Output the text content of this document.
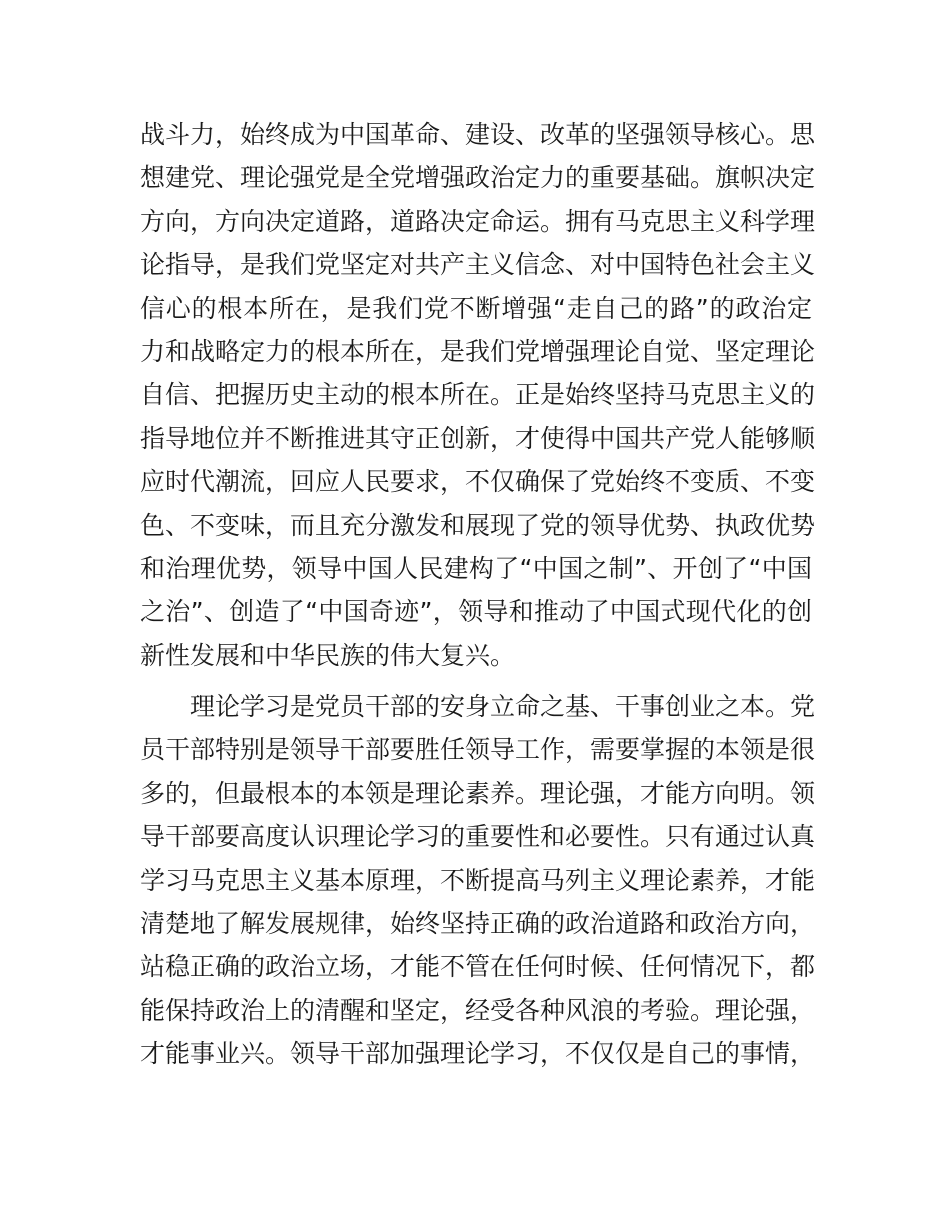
战斗力，始终成为中国革命、建设、改革的坚强领导核心。思
想建党、理论强党是全党增强政治定力的重要基础。旗帜决定
方向，方向决定道路，道路决定命运。拥有马克思主义科学理
论指导，是我们党坚定对共产主义信念、对中国特色社会主义
信心的根本所在，是我们党不断增强“走自己的路”的政治定
力和战略定力的根本所在，是我们党增强理论自觉、坚定理论
自信、把握历史主动的根本所在。正是始终坚持马克思主义的
指导地位并不断推进其守正创新，才使得中国共产党人能够顺
应时代潮流，回应人民要求，不仅确保了党始终不变质、不变
色、不变味，而且充分激发和展现了党的领导优势、执政优势
和治理优势，领导中国人民建构了“中国之制”、开创了“中国
之治”、创造了“中国奇迹”，领导和推动了中国式现代化的创
新性发展和中华民族的伟大复兴。
理论学习是党员干部的安身立命之基、干事创业之本。党
员干部特别是领导干部要胜任领导工作，需要掌握的本领是很
多的，但最根本的本领是理论素养。理论强，才能方向明。领
导干部要高度认识理论学习的重要性和必要性。只有通过认真
学习马克思主义基本原理，不断提高马列主义理论素养，才能
清楚地了解发展规律，始终坚持正确的政治道路和政治方向，
站稳正确的政治立场，才能不管在任何时候、任何情况下，都
能保持政治上的清醒和坚定，经受各种风浪的考验。理论强，
才能事业兴。领导干部加强理论学习，不仅仅是自己的事情，
